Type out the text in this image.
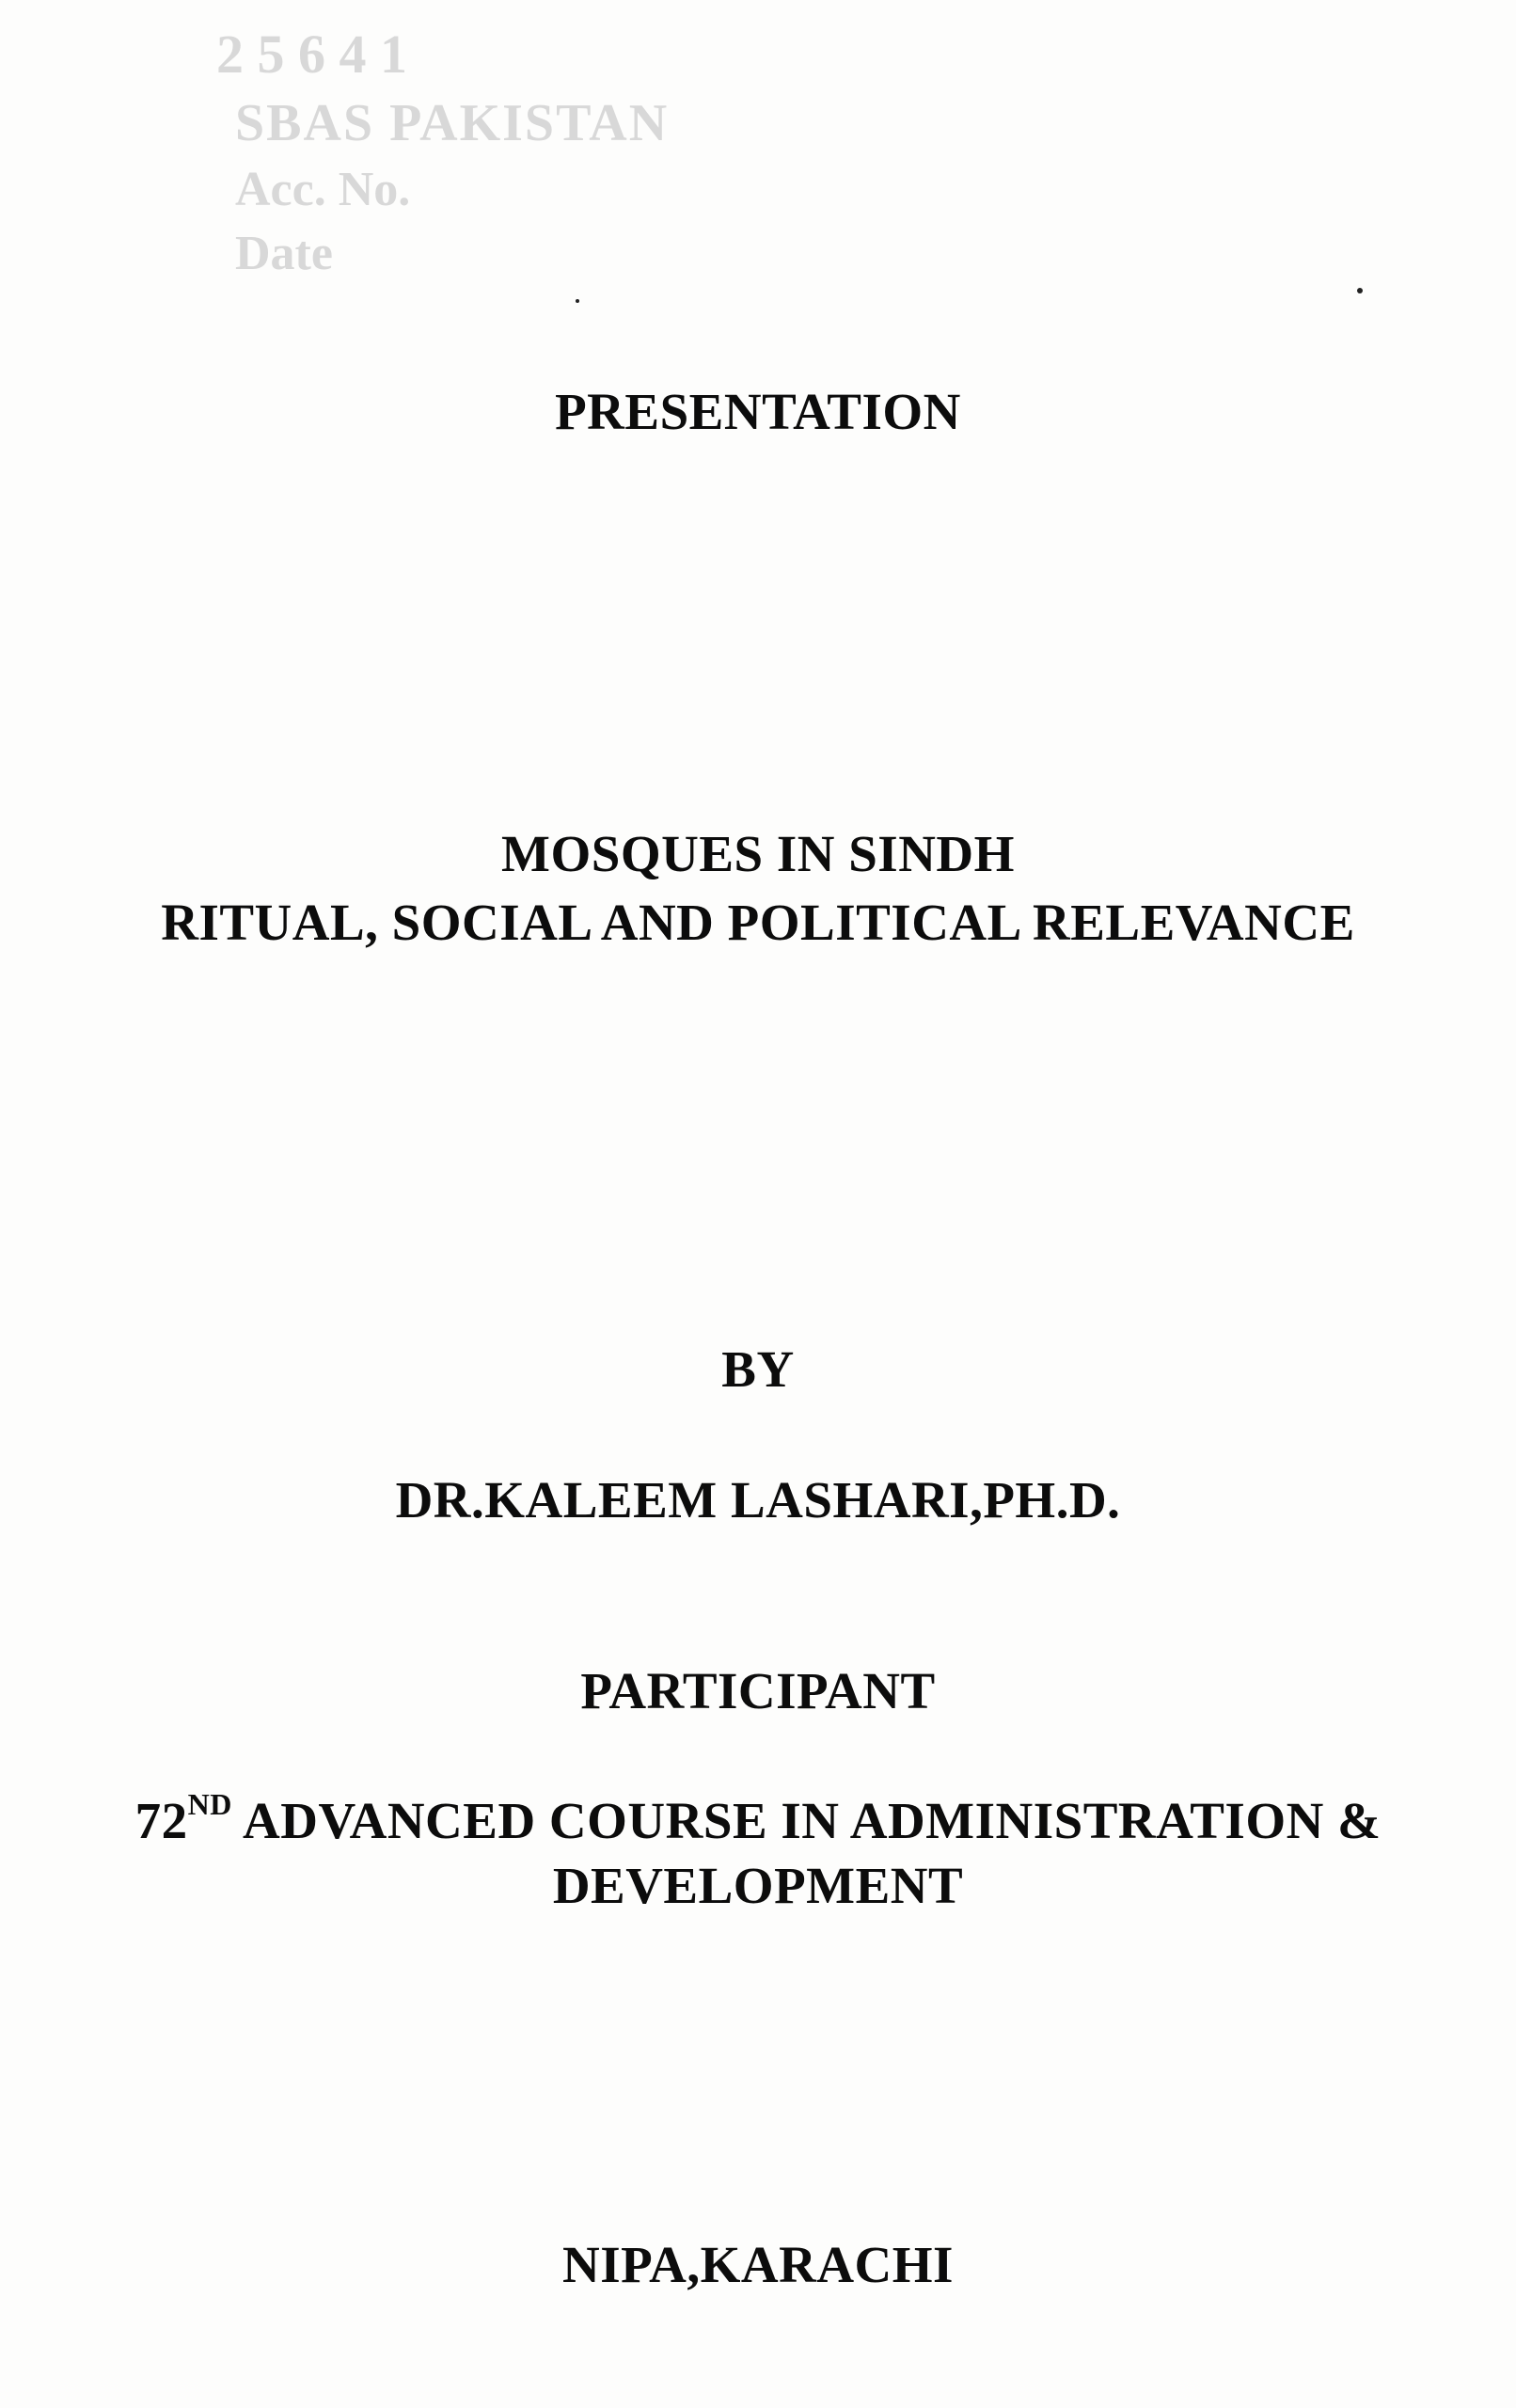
2 5 6 4 1
SBAS PAKISTAN
Acc. No.
Date
PRESENTATION
MOSQUES IN SINDH
RITUAL, SOCIAL AND POLITICAL RELEVANCE
BY
DR.KALEEM LASHARI,PH.D.
PARTICIPANT
72ND ADVANCED COURSE IN ADMINISTRATION &
DEVELOPMENT
NIPA,KARACHI
